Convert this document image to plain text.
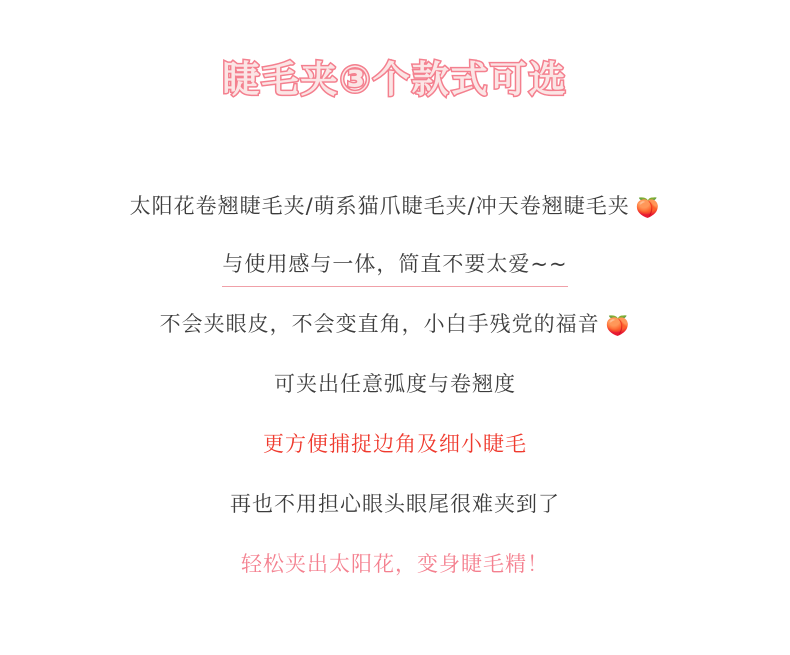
睫毛夹③个款式可选

太阳花卷翘睫毛夹/萌系猫爪睫毛夹/冲天卷翘睫毛夹 🍑

与使用感与一体，简直不要太爱~~

不会夹眼皮，不会变直角，小白手残党的福音 🍑

可夹出任意弧度与卷翘度

更方便捕捉边角及细小睫毛

再也不用担心眼头眼尾很难夹到了

轻松夹出太阳花，变身睫毛精！
